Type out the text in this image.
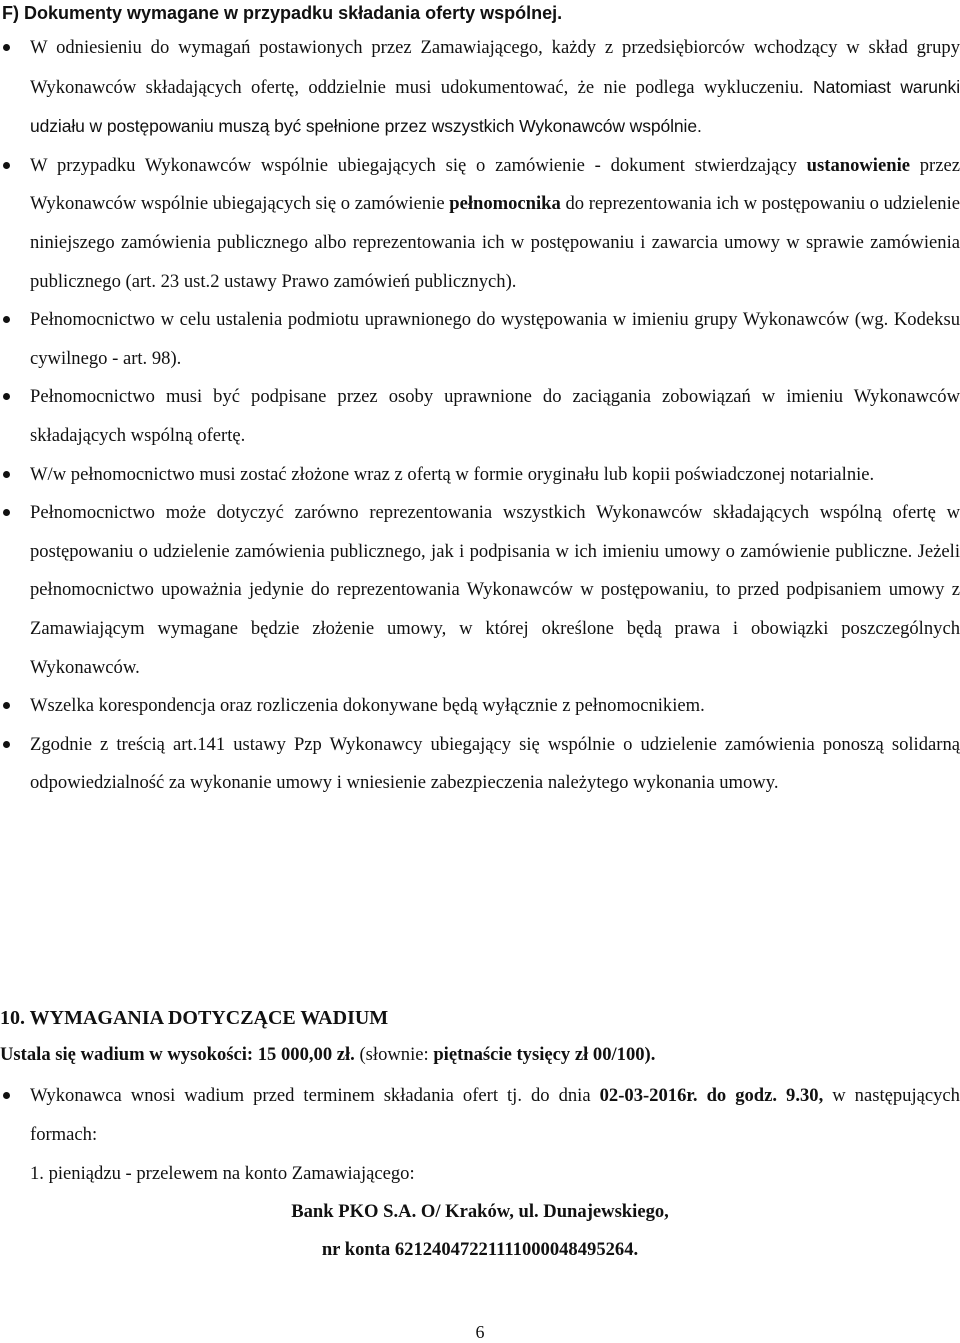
F) Dokumenty wymagane w przypadku składania oferty wspólnej.
W odniesieniu do wymagań postawionych przez Zamawiającego, każdy z przedsiębiorców wchodzący w skład grupy Wykonawców składających ofertę, oddzielnie musi udokumentować, że nie podlega wykluczeniu. Natomiast warunki udziału w postępowaniu muszą być spełnione przez wszystkich Wykonawców wspólnie.
W przypadku Wykonawców wspólnie ubiegających się o zamówienie - dokument stwierdzający ustanowienie przez Wykonawców wspólnie ubiegających się o zamówienie pełnomocnika do reprezentowania ich w postępowaniu o udzielenie niniejszego zamówienia publicznego albo reprezentowania ich w postępowaniu i zawarcia umowy w sprawie zamówienia publicznego (art. 23 ust.2 ustawy Prawo zamówień publicznych).
Pełnomocnictwo w celu ustalenia podmiotu uprawnionego do występowania w imieniu grupy Wykonawców (wg. Kodeksu cywilnego - art. 98).
Pełnomocnictwo musi być podpisane przez osoby uprawnione do zaciągania zobowiązań w imieniu Wykonawców składających wspólną ofertę.
W/w pełnomocnictwo musi zostać złożone wraz z ofertą w formie oryginału lub kopii poświadczonej notarialnie.
Pełnomocnictwo może dotyczyć zarówno reprezentowania wszystkich Wykonawców składających wspólną ofertę w postępowaniu o udzielenie zamówienia publicznego, jak i podpisania w ich imieniu umowy o zamówienie publiczne. Jeżeli pełnomocnictwo upoważnia jedynie do reprezentowania Wykonawców w postępowaniu, to przed podpisaniem umowy z Zamawiającym wymagane będzie złożenie umowy, w której określone będą prawa i obowiązki poszczególnych Wykonawców.
Wszelka korespondencja oraz rozliczenia dokonywane będą wyłącznie z pełnomocnikiem.
Zgodnie z treścią art.141 ustawy Pzp Wykonawcy ubiegający się wspólnie o udzielenie zamówienia ponoszą solidarną odpowiedzialność za wykonanie umowy i wniesienie zabezpieczenia należytego wykonania umowy.
10. WYMAGANIA DOTYCZĄCE WADIUM

Ustala się wadium w wysokości: 15 000,00 zł. (słownie: piętnaście tysięcy zł 00/100).

Wykonawca wnosi wadium przed terminem składania ofert tj. do dnia 02-03-2016r. do godz. 9.30, w następujących formach:

1. pieniądzu - przelewem na konto Zamawiającego:

Bank PKO S.A. O/ Kraków, ul. Dunajewskiego,

nr konta 62124047221111000048495264.

6
